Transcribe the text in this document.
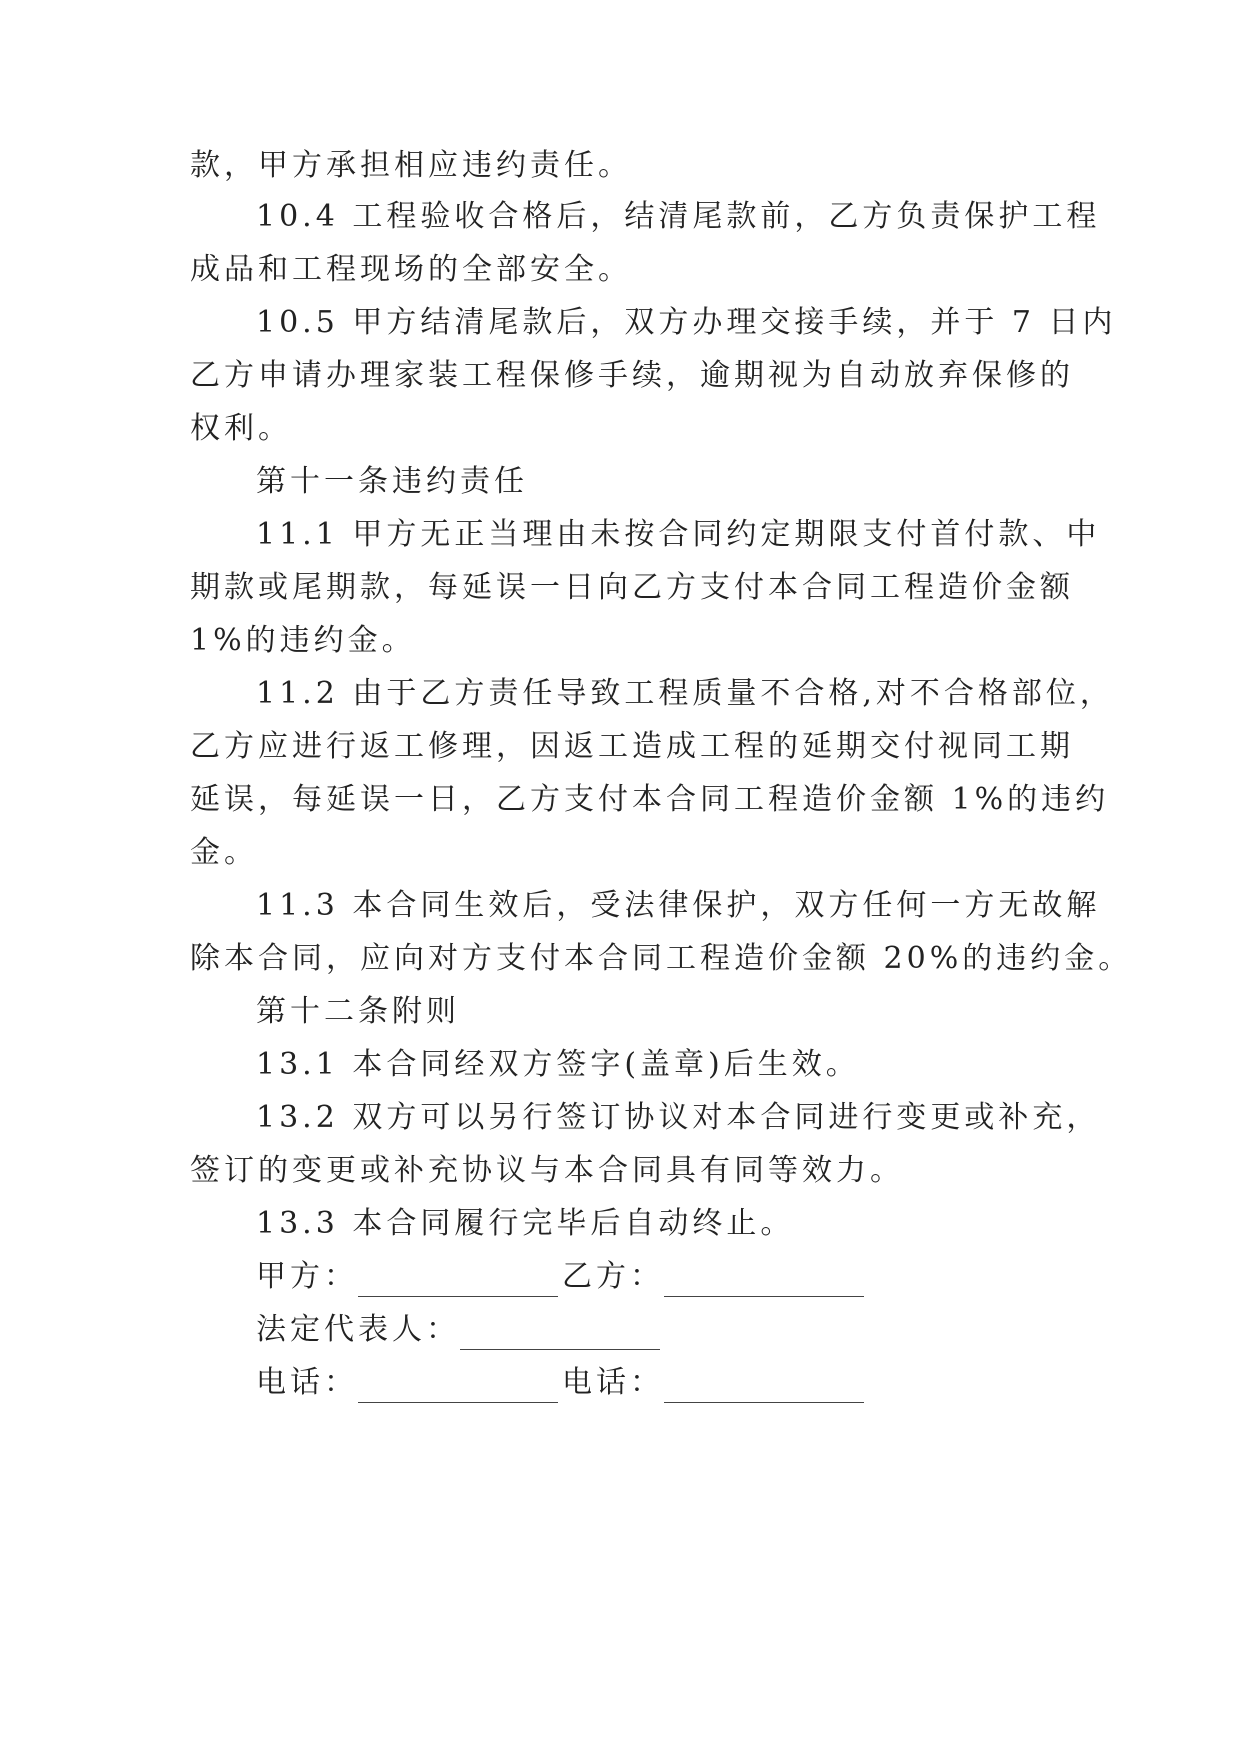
款，甲方承担相应违约责任。
10.4 工程验收合格后，结清尾款前，乙方负责保护工程
成品和工程现场的全部安全。
10.5 甲方结清尾款后，双方办理交接手续，并于 7 日内
乙方申请办理家装工程保修手续，逾期视为自动放弃保修的
权利。
第十一条违约责任
11.1 甲方无正当理由未按合同约定期限支付首付款、中
期款或尾期款，每延误一日向乙方支付本合同工程造价金额
1%的违约金。
11.2 由于乙方责任导致工程质量不合格,对不合格部位，
乙方应进行返工修理，因返工造成工程的延期交付视同工期
延误，每延误一日，乙方支付本合同工程造价金额 1%的违约
金。
11.3 本合同生效后，受法律保护，双方任何一方无故解
除本合同，应向对方支付本合同工程造价金额 20%的违约金。
第十二条附则
13.1 本合同经双方签字(盖章)后生效。
13.2 双方可以另行签订协议对本合同进行变更或补充，
签订的变更或补充协议与本合同具有同等效力。
13.3 本合同履行完毕后自动终止。
甲方：	乙方：
法定代表人：
电话：	电话：
